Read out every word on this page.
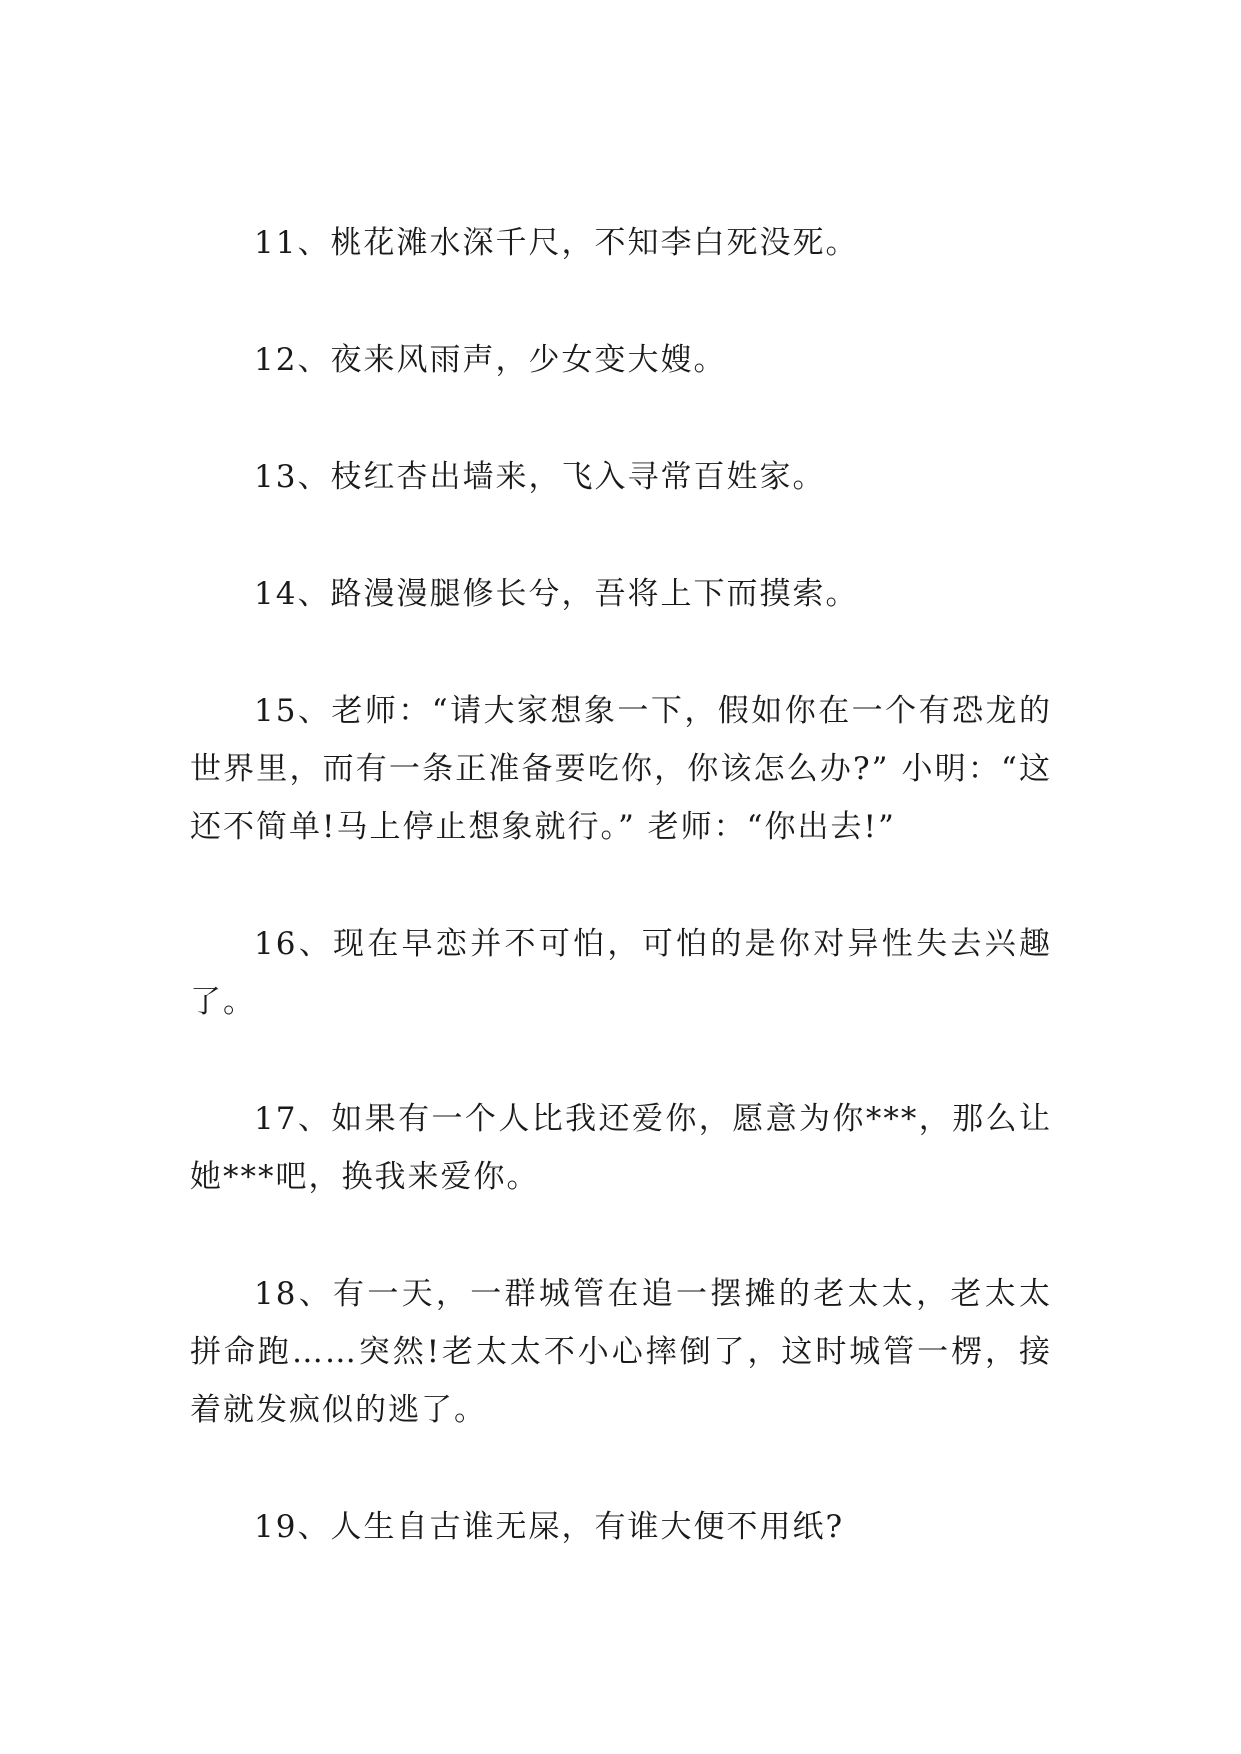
11、桃花滩水深千尺，不知李白死没死。

12、夜来风雨声，少女变大嫂。

13、枝红杏出墙来，飞入寻常百姓家。

14、路漫漫腿修长兮，吾将上下而摸索。

15、老师：“请大家想象一下，假如你在一个有恐龙的世界里，而有一条正准备要吃你，你该怎么办?” 小明：“这还不简单!马上停止想象就行。” 老师：“你出去!”

16、现在早恋并不可怕，可怕的是你对异性失去兴趣了。

17、如果有一个人比我还爱你，愿意为你***，那么让她***吧，换我来爱你。

18、有一天，一群城管在追一摆摊的老太太，老太太拼命跑……突然!老太太不小心摔倒了，这时城管一楞，接着就发疯似的逃了。

19、人生自古谁无屎，有谁大便不用纸?
